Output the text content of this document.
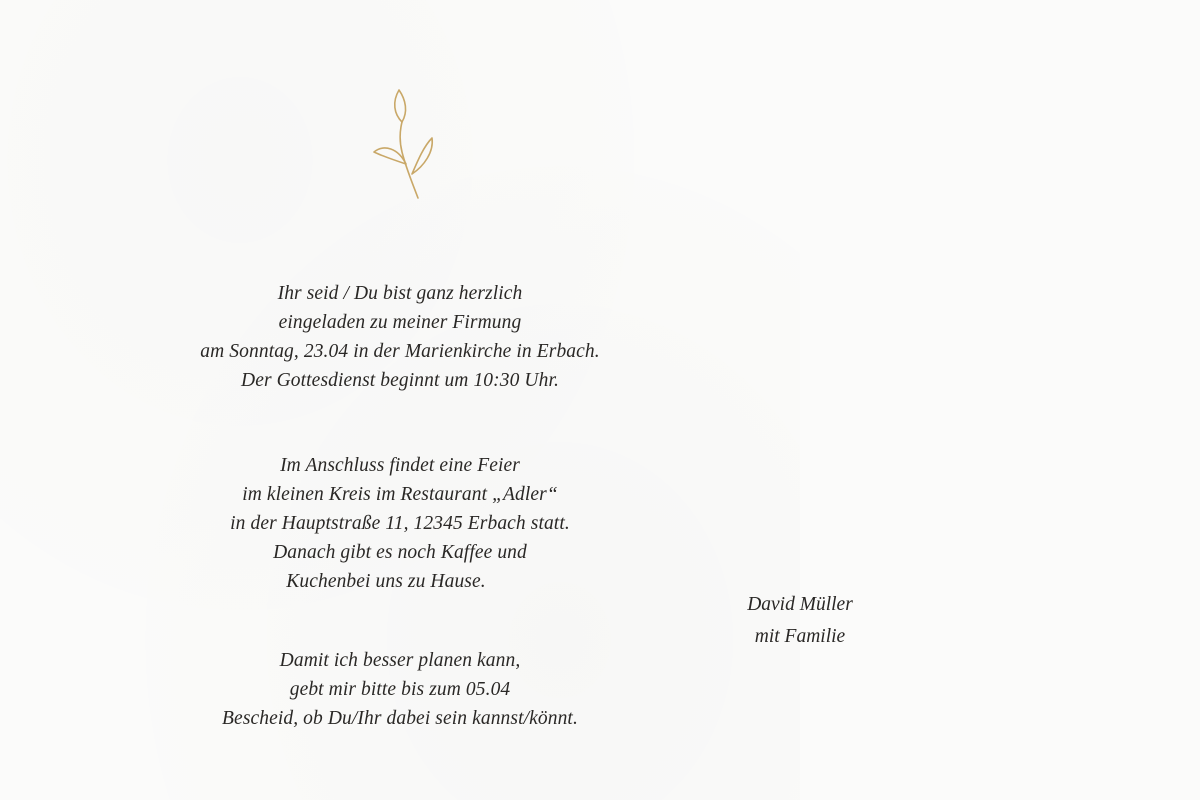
Ihr seid / Du bist ganz herzlich
eingeladen zu meiner Firmung
am Sonntag, 23.04 in der Marienkirche in Erbach.
Der Gottesdienst beginnt um 10:30 Uhr.
Im Anschluss findet eine Feier
im kleinen Kreis im Restaurant „Adler“
in der Hauptstraße 11, 12345 Erbach statt.
Danach gibt es noch Kaffee und
Kuchenbei uns zu Hause.
David Müller
mit Familie
Damit ich besser planen kann,
gebt mir bitte bis zum 05.04
Bescheid, ob Du/Ihr dabei sein kannst/könnt.
